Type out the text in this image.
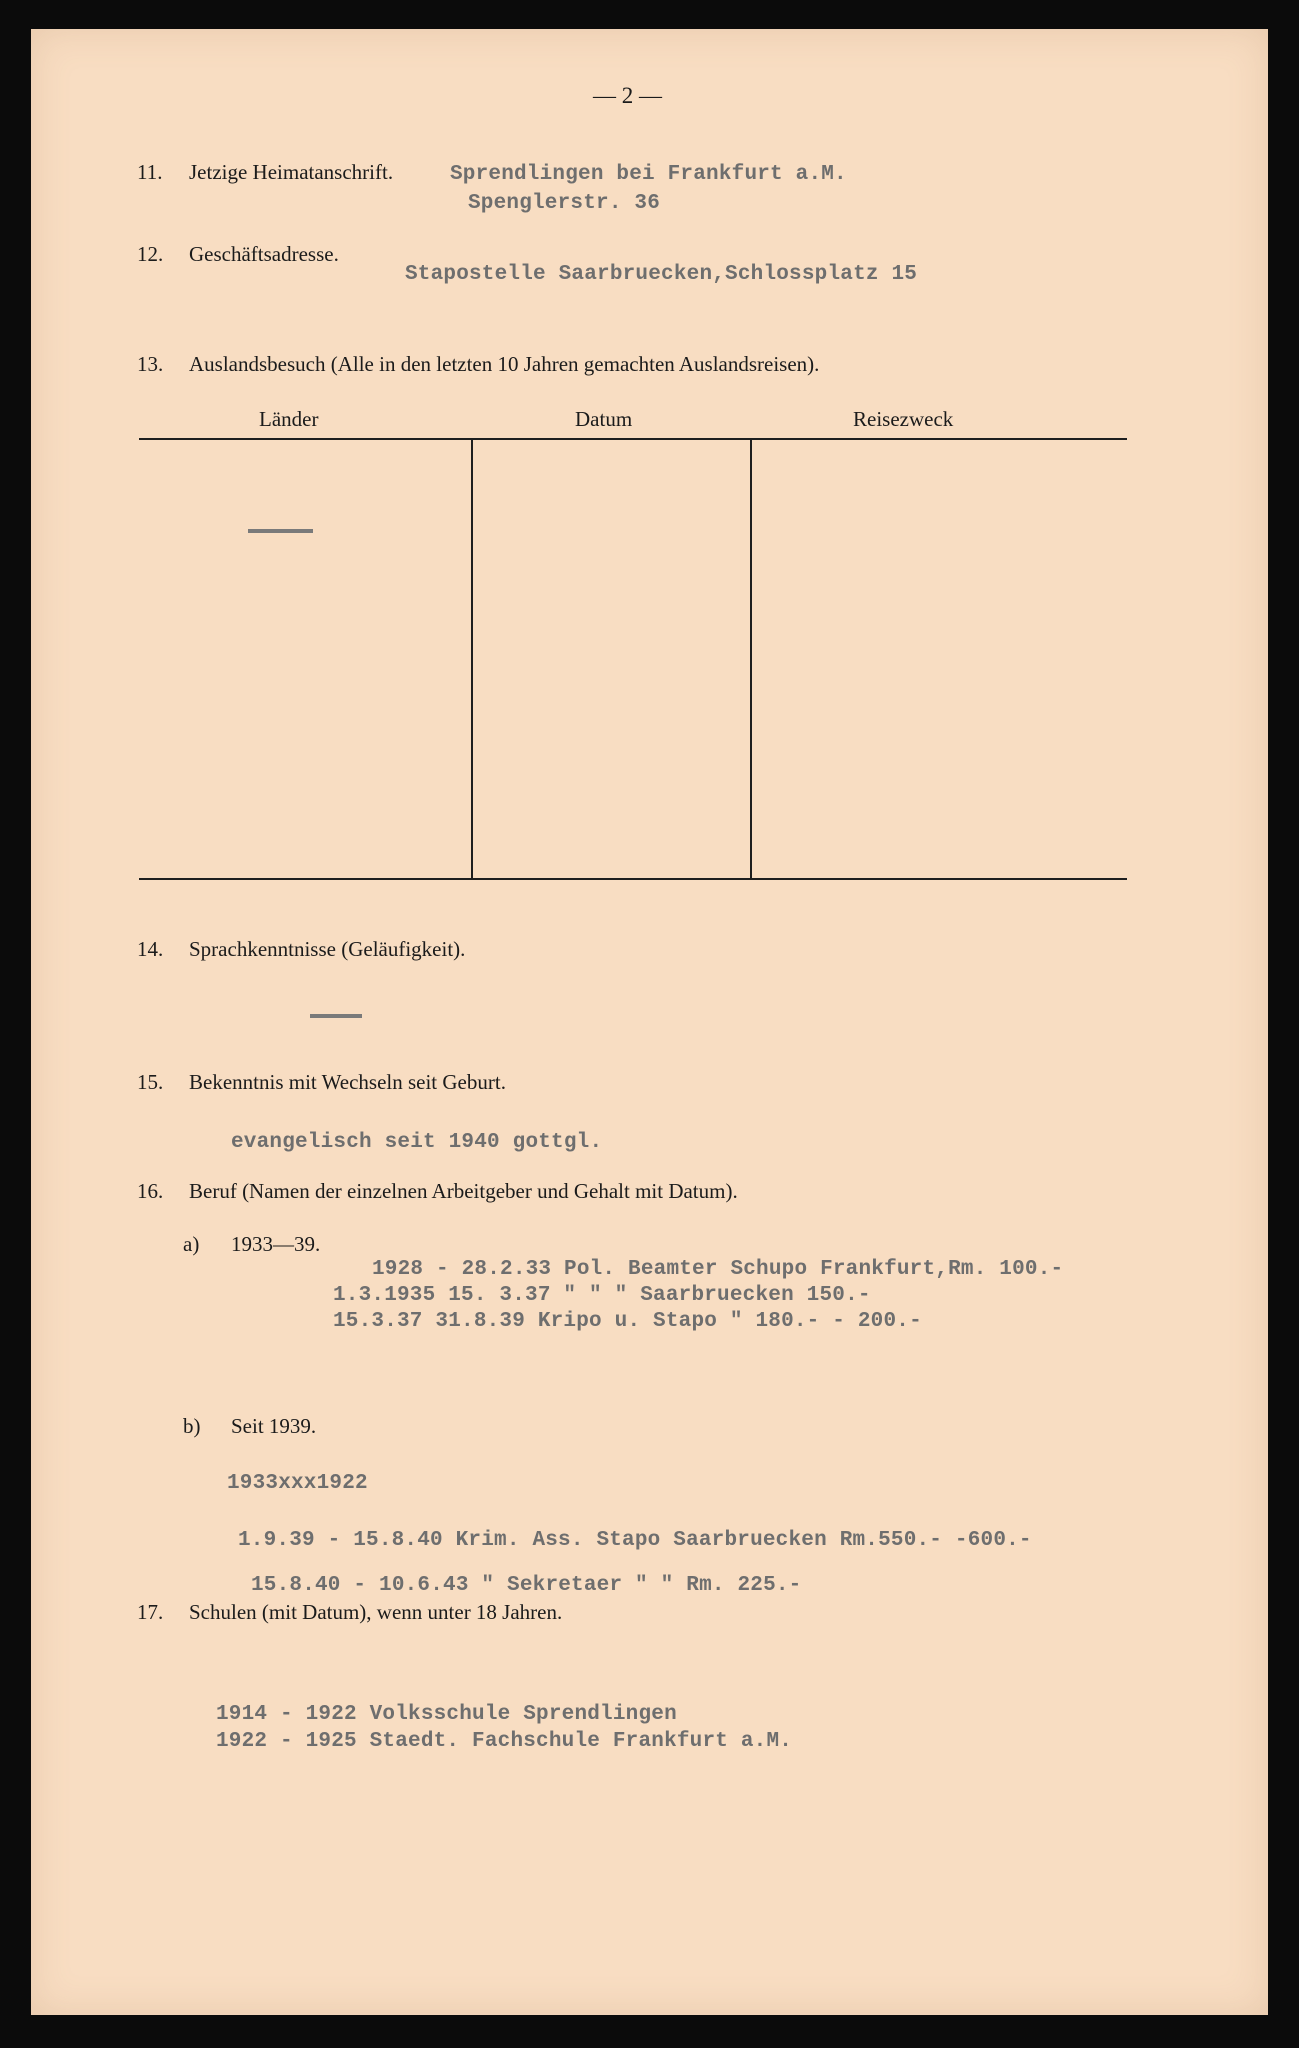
— 2 —
11. Jetzige Heimatanschrift.	Sprendlingen bei Frankfurt a.M.
Spenglerstr. 36
12. Geschäftsadresse.
Stapostelle Saarbruecken,Schlossplatz 15
13. Auslandsbesuch (Alle in den letzten 10 Jahren gemachten Auslandsreisen).
Länder	Datum	Reisezweck
14. Sprachkenntnisse (Geläufigkeit).
15. Bekenntnis mit Wechseln seit Geburt.
evangelisch seit 1940 gottgl.
16. Beruf (Namen der einzelnen Arbeitgeber und Gehalt mit Datum).
a) 1933—39.
1928 - 28.2.33 Pol. Beamter Schupo Frankfurt,Rm. 100.-
1.3.1935 15. 3.37 " " " Saarbruecken 150.-
15.3.37 31.8.39 Kripo u. Stapo " 180.- - 200.-
b) Seit 1939.
1933xxx1922
1.9.39 - 15.8.40 Krim. Ass. Stapo Saarbruecken Rm.550.- -600.-
15.8.40 - 10.6.43 " Sekretaer " " Rm. 225.-
17. Schulen (mit Datum), wenn unter 18 Jahren.
1914 - 1922 Volksschule Sprendlingen
1922 - 1925 Staedt. Fachschule Frankfurt a.M.
